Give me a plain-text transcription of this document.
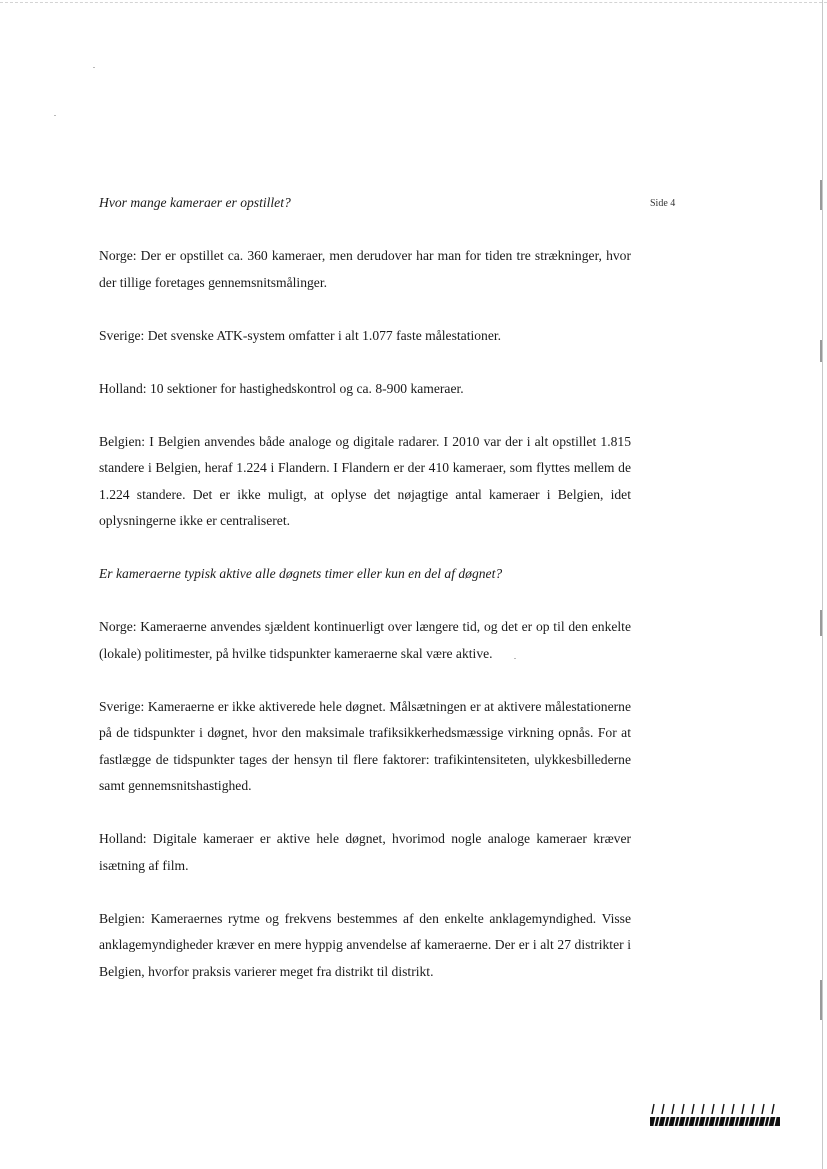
Side 4

Hvor mange kameraer er opstillet?

Norge: Der er opstillet ca. 360 kameraer, men derudover har man for tiden tre strækninger, hvor der tillige foretages gennemsnitsmålinger.

Sverige: Det svenske ATK-system omfatter i alt 1.077 faste målestationer.

Holland: 10 sektioner for hastighedskontrol og ca. 8-900 kameraer.

Belgien: I Belgien anvendes både analoge og digitale radarer. I 2010 var der i alt opstillet 1.815 standere i Belgien, heraf 1.224 i Flandern. I Flandern er der 410 kameraer, som flyttes mellem de 1.224 standere. Det er ikke muligt, at oplyse det nøjagtige antal kameraer i Belgien, idet oplysningerne ikke er centraliseret.

Er kameraerne typisk aktive alle døgnets timer eller kun en del af døgnet?

Norge: Kameraerne anvendes sjældent kontinuerligt over længere tid, og det er op til den enkelte (lokale) politimester, på hvilke tidspunkter kameraerne skal være aktive.

Sverige: Kameraerne er ikke aktiverede hele døgnet. Målsætningen er at aktivere målestationerne på de tidspunkter i døgnet, hvor den maksimale trafiksikkerhedsmæssige virkning opnås. For at fastlægge de tidspunkter tages der hensyn til flere faktorer: trafikintensiteten, ulykkesbillederne samt gennemsnitshastighed.

Holland: Digitale kameraer er aktive hele døgnet, hvorimod nogle analoge kameraer kræver isætning af film.

Belgien: Kameraernes rytme og frekvens bestemmes af den enkelte anklagemyndighed. Visse anklagemyndigheder kræver en mere hyppig anvendelse af kameraerne. Der er i alt 27 distrikter i Belgien, hvorfor praksis varierer meget fra distrikt til distrikt.
